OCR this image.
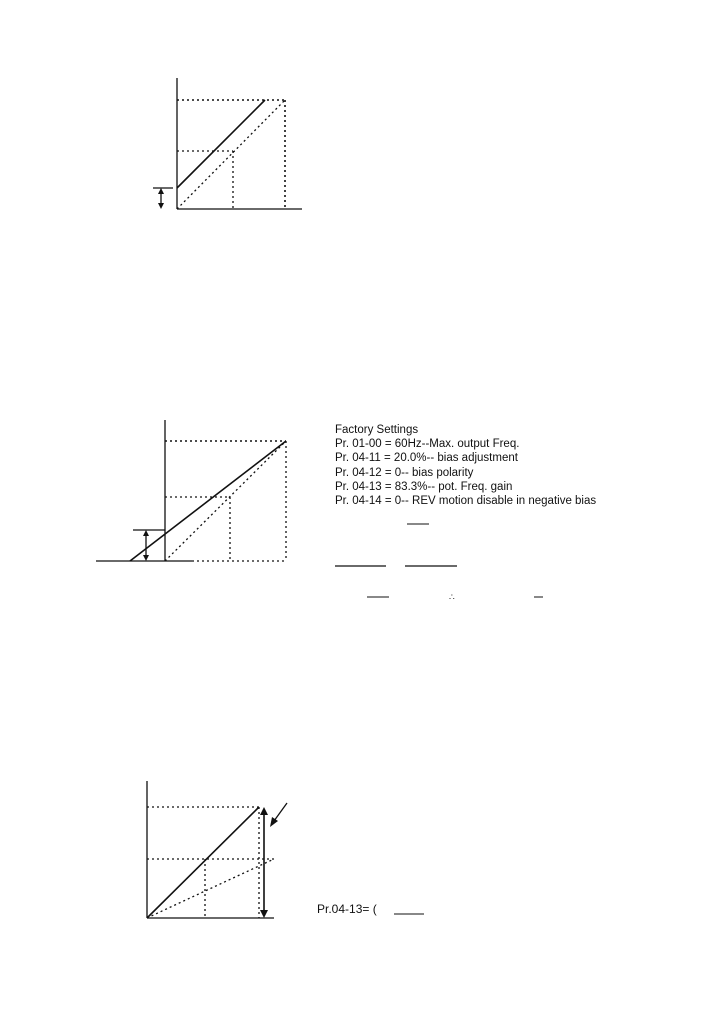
Factory Settings
Pr. 01-00 = 60Hz--Max. output Freq.
Pr. 04-11 = 20.0%-- bias adjustment
Pr. 04-12 = 0-- bias polarity
Pr. 04-13 = 83.3%-- pot. Freq. gain
Pr. 04-14 = 0-- REV motion disable in negative bias
∴
Pr.04-13= (
